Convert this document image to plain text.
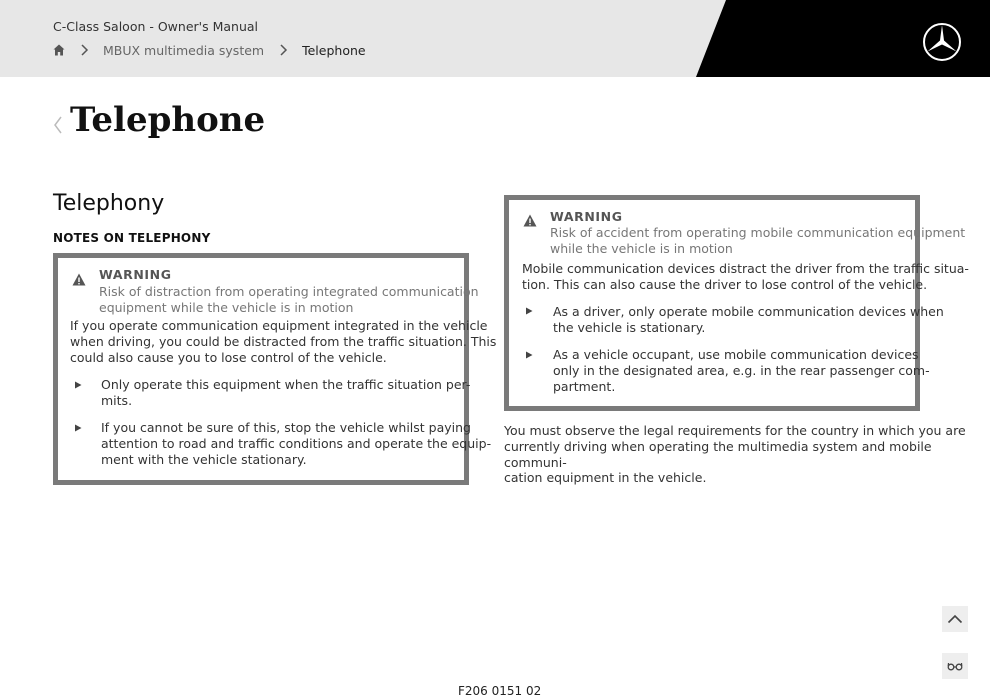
C-Class Saloon - Owner's Manual
MBUX multimedia system	Telephone
Telephone
Telephony
NOTES ON TELEPHONY
WARNING
Risk of distraction from operating integrated communication
equipment while the vehicle is in motion
If you operate communication equipment integrated in the vehicle
when driving, you could be distracted from the traffic situation. This
could also cause you to lose control of the vehicle.
Only operate this equipment when the traffic situation per-
mits.
If you cannot be sure of this, stop the vehicle whilst paying
attention to road and traffic conditions and operate the equip-
ment with the vehicle stationary.
WARNING
Risk of accident from operating mobile communication equipment
while the vehicle is in motion
Mobile communication devices distract the driver from the traffic situa-
tion. This can also cause the driver to lose control of the vehicle.
As a driver, only operate mobile communication devices when
the vehicle is stationary.
As a vehicle occupant, use mobile communication devices
only in the designated area, e.g. in the rear passenger com-
partment.
You must observe the legal requirements for the country in which you are
currently driving when operating the multimedia system and mobile communi-
cation equipment in the vehicle.
F206 0151 02
